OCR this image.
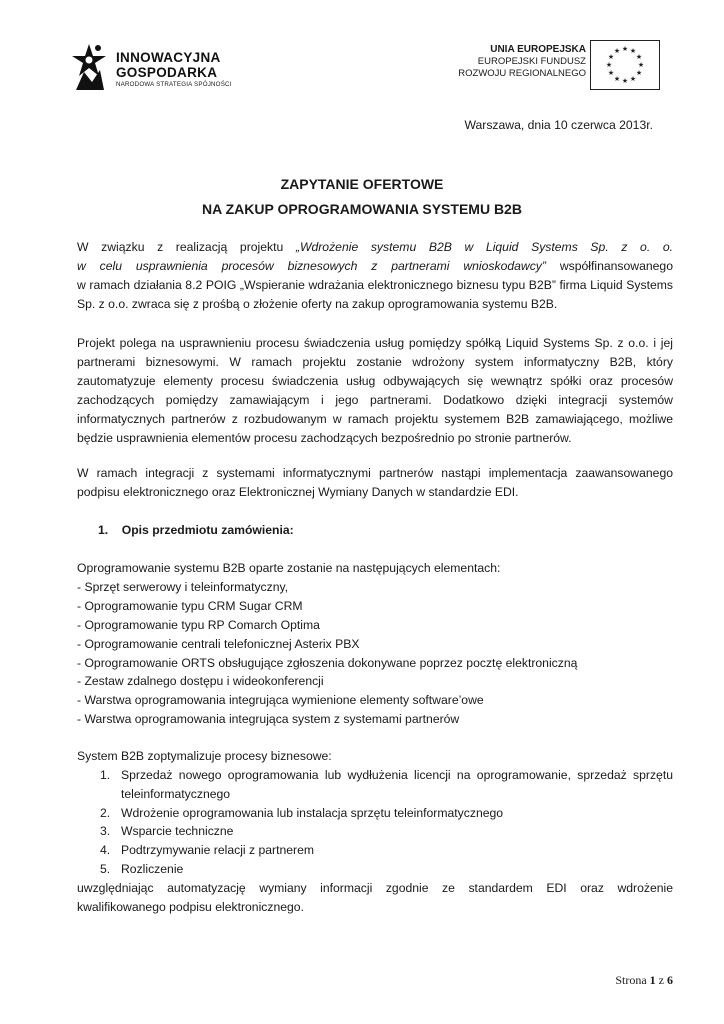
INNOWACYJNA
GOSPODARKA
NARODOWA STRATEGIA SPÓJNOŚCI
UNIA EUROPEJSKA
EUROPEJSKI FUNDUSZ
ROZWOJU REGIONALNEGO
★ ★
★
★
★
★
★
★
★
★
★
★
Warszawa, dnia 10 czerwca 2013r.
ZAPYTANIE OFERTOWE
NA ZAKUP OPROGRAMOWANIA SYSTEMU B2B
W związku z realizacją projektu „Wdrożenie systemu B2B w Liquid Systems Sp. z o. o.
w celu usprawnienia procesów biznesowych z partnerami wnioskodawcy” współfinansowanego
w ramach działania 8.2 POIG „Wspieranie wdrażania elektronicznego biznesu typu B2B” firma Liquid Systems
Sp. z o.o. zwraca się z prośbą o złożenie oferty na zakup oprogramowania systemu B2B.
Projekt polega na usprawnieniu procesu świadczenia usług pomiędzy spółką Liquid Systems Sp. z o.o. i jej
partnerami biznesowymi. W ramach projektu zostanie wdrożony system informatyczny B2B, który
zautomatyzuje elementy procesu świadczenia usług odbywających się wewnątrz spółki oraz procesów
zachodzących pomiędzy zamawiającym i jego partnerami. Dodatkowo dzięki integracji systemów
informatycznych partnerów z rozbudowanym w ramach projektu systemem B2B zamawiającego, możliwe
będzie usprawnienia elementów procesu zachodzących bezpośrednio po stronie partnerów.
W ramach integracji z systemami informatycznymi partnerów nastąpi implementacja zaawansowanego
podpisu elektronicznego oraz Elektronicznej Wymiany Danych w standardzie EDI.
1. Opis przedmiotu zamówienia:
Oprogramowanie systemu B2B oparte zostanie na następujących elementach:
- Sprzęt serwerowy i teleinformatyczny,
- Oprogramowanie typu CRM Sugar CRM
- Oprogramowanie typu RP Comarch Optima
- Oprogramowanie centrali telefonicznej Asterix PBX
- Oprogramowanie ORTS obsługujące zgłoszenia dokonywane poprzez pocztę elektroniczną
- Zestaw zdalnego dostępu i wideokonferencji
- Warstwa oprogramowania integrująca wymienione elementy software’owe
- Warstwa oprogramowania integrująca system z systemami partnerów
System B2B zoptymalizuje procesy biznesowe:
1. Sprzedaż nowego oprogramowania lub wydłużenia licencji na oprogramowanie, sprzedaż sprzętu
teleinformatycznego
2. Wdrożenie oprogramowania lub instalacja sprzętu teleinformatycznego
3. Wsparcie techniczne
4. Podtrzymywanie relacji z partnerem
5. Rozliczenie
uwzględniając automatyzację wymiany informacji zgodnie ze standardem EDI oraz wdrożenie
kwalifikowanego podpisu elektronicznego.
Strona 1 z 6
